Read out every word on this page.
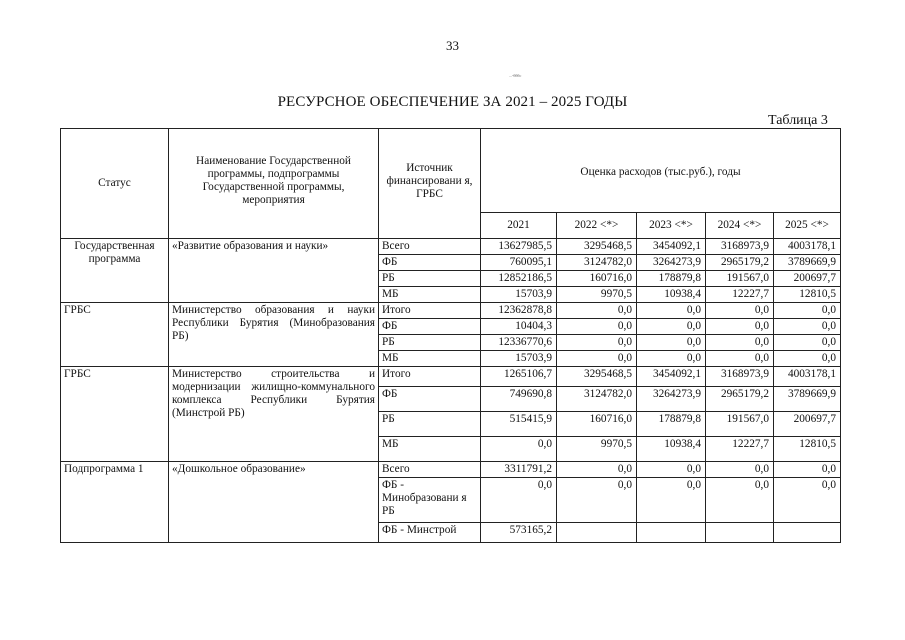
33
...-бббс
РЕСУРСНОЕ ОБЕСПЕЧЕНИЕ ЗА 2021 – 2025 ГОДЫ
Таблица 3
Статус	Наименование Государственной программы, подпрограммы Государственной программы, мероприятия	Источник финансировани я, ГРБС	Оценка расходов (тыс.руб.), годы				
			2021	2022 <*>	2023 <*>	2024 <*>	2025 <*>
Государственная программа	«Развитие образования и науки»	Всего	13627985,5	3295468,5	3454092,1	3168973,9	4003178,1
		ФБ	760095,1	3124782,0	3264273,9	2965179,2	3789669,9
		РБ	12852186,5	160716,0	178879,8	191567,0	200697,7
		МБ	15703,9	9970,5	10938,4	12227,7	12810,5
ГРБС	Министерство образования и науки Республики Бурятия (Минобразования РБ)	Итого	12362878,8	0,0	0,0	0,0	0,0
		ФБ	10404,3	0,0	0,0	0,0	0,0
		РБ	12336770,6	0,0	0,0	0,0	0,0
		МБ	15703,9	0,0	0,0	0,0	0,0
ГРБС	Министерство строительства и модернизации жилищно-коммунального комплекса Республики Бурятия (Минстрой РБ)	Итого	1265106,7	3295468,5	3454092,1	3168973,9	4003178,1
		ФБ	749690,8	3124782,0	3264273,9	2965179,2	3789669,9
		РБ	515415,9	160716,0	178879,8	191567,0	200697,7
		МБ	0,0	9970,5	10938,4	12227,7	12810,5
Подпрограмма 1	«Дошкольное образование»	Всего	3311791,2	0,0	0,0	0,0	0,0
		ФБ - Минобразовани я РБ	0,0	0,0	0,0	0,0	0,0
		ФБ - Минстрой	573165,2				
